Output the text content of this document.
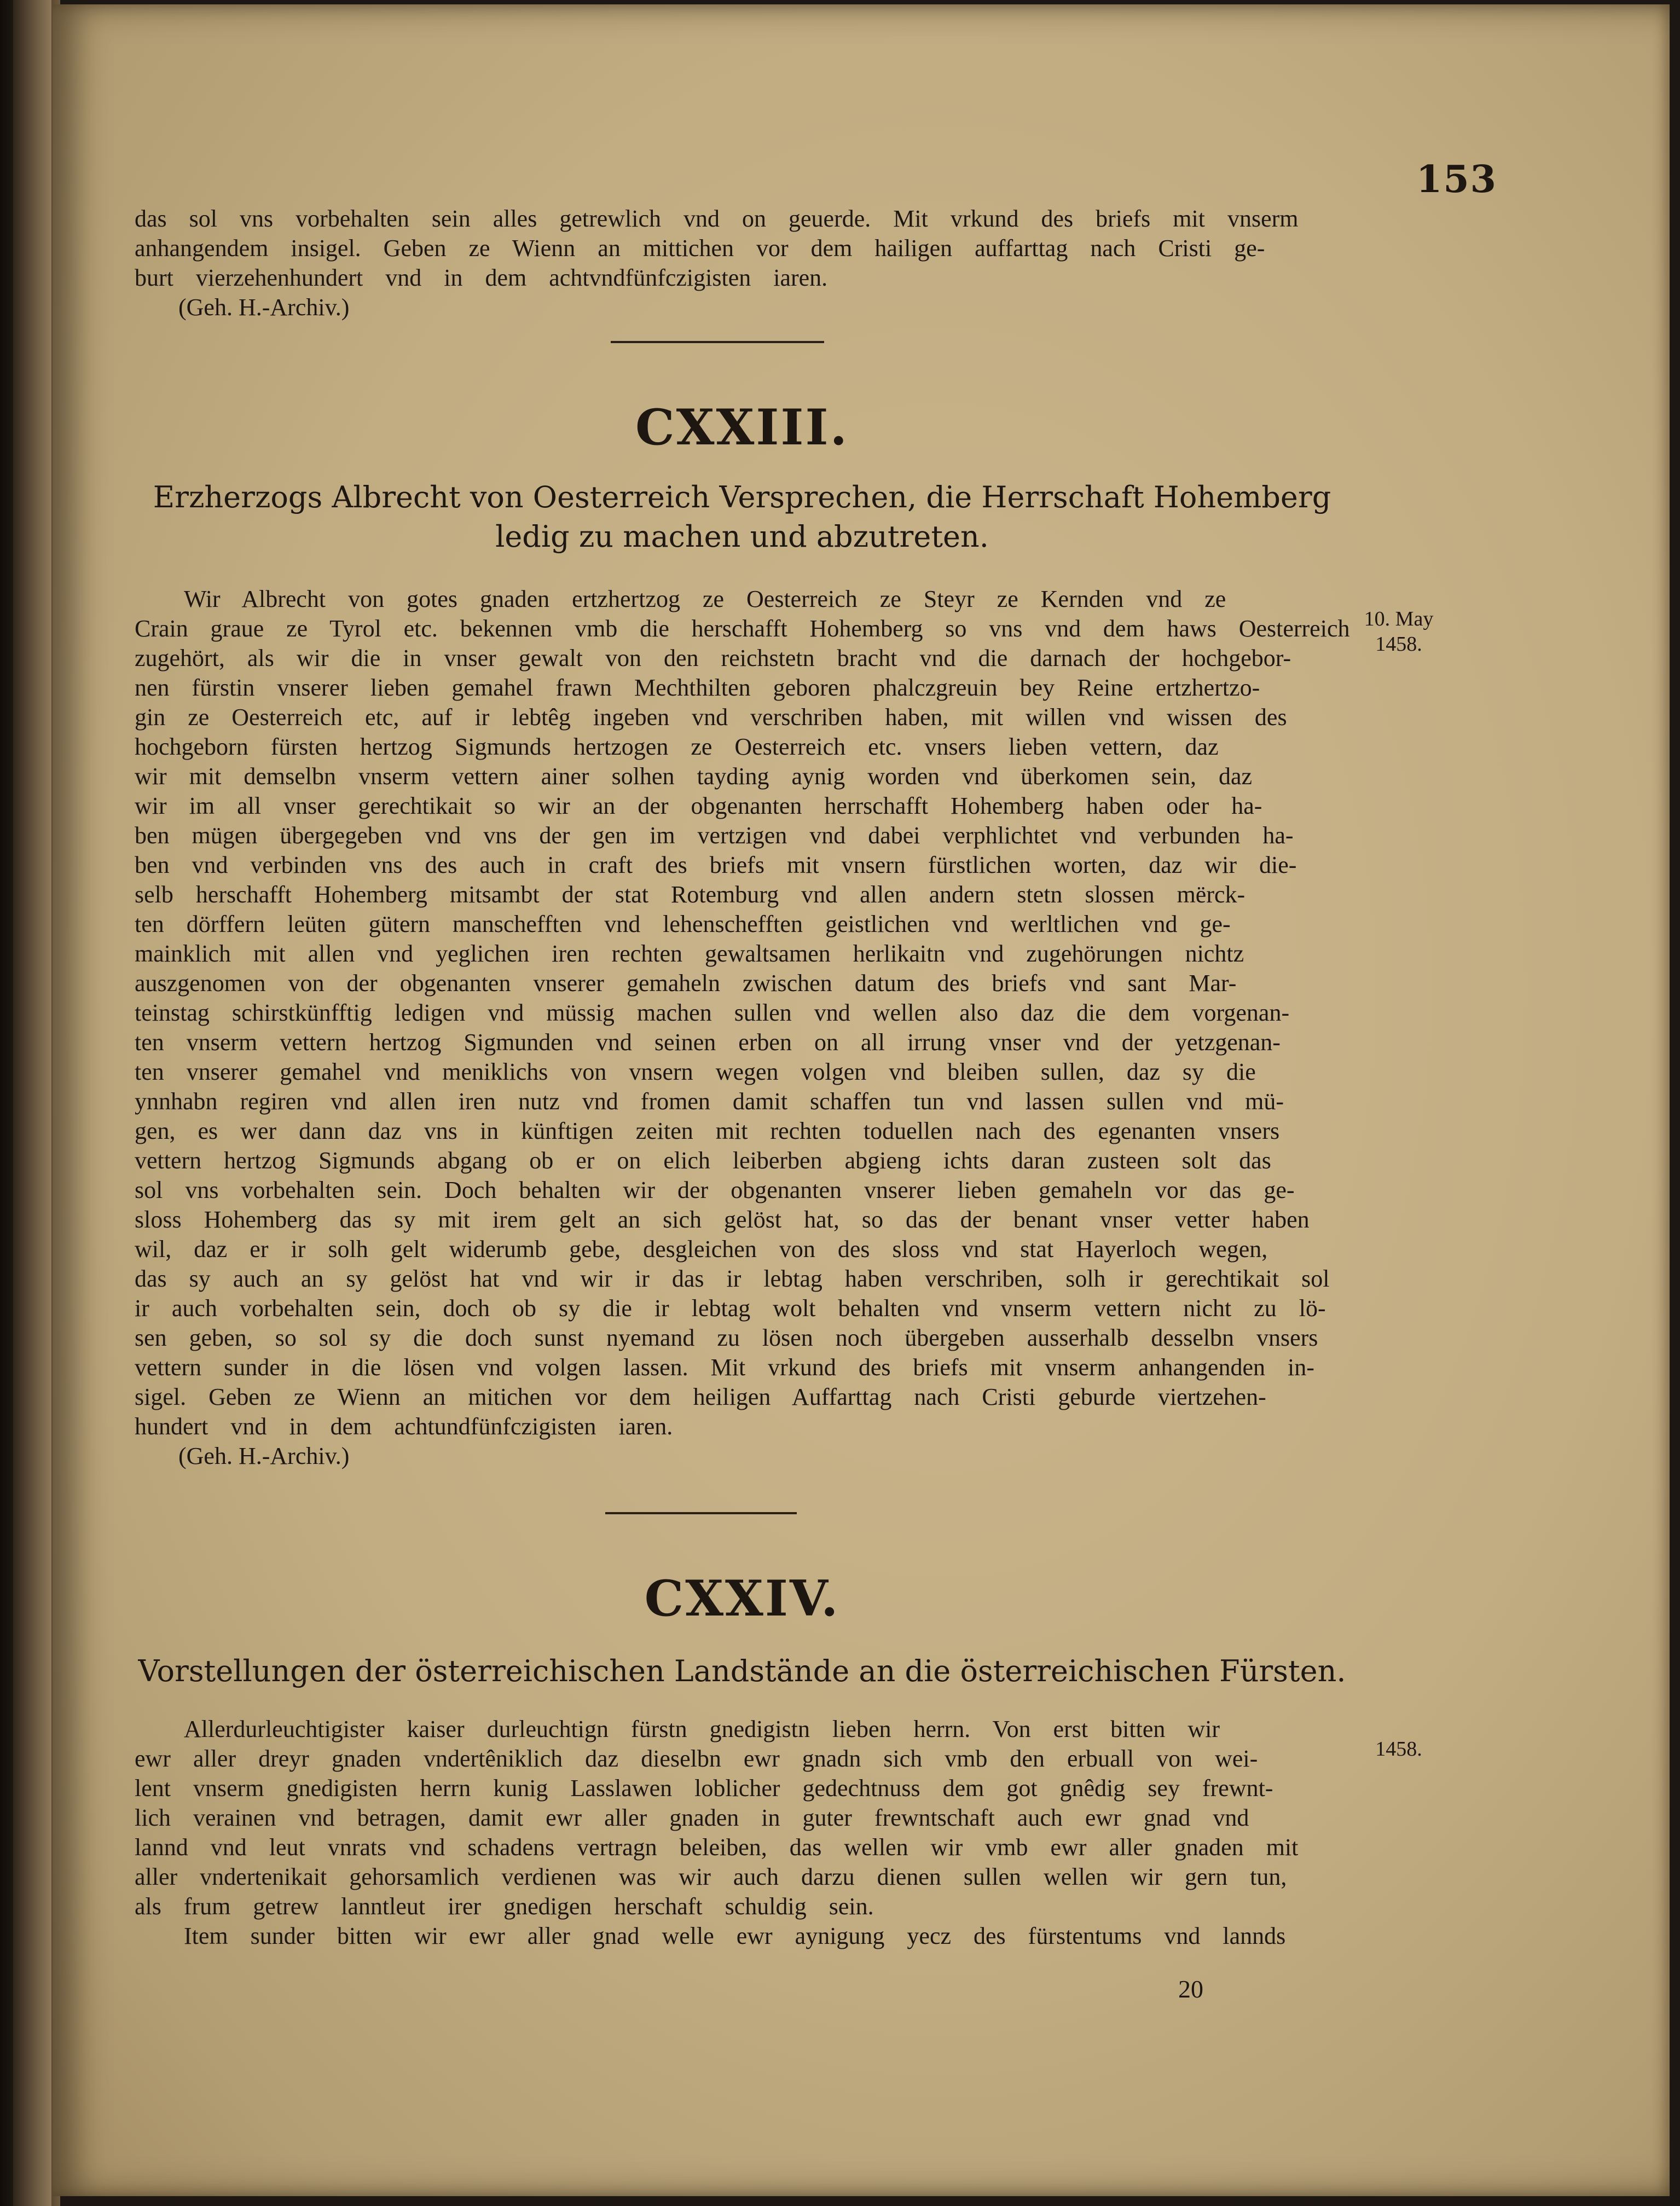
153
das sol vns vorbehalten sein alles getrewlich vnd on geuerde. Mit vrkund des briefs mit vnserm
anhangendem insigel. Geben ze Wienn an mittichen vor dem hailigen auffarttag nach Cristi ge-
burt vierzehenhundert vnd in dem achtvndfünfczigisten iaren.
(Geh. H.-Archiv.)
CXXIII.
Erzherzogs Albrecht von Oesterreich Versprechen, die Herrschaft Hohemberg
ledig zu machen und abzutreten.
10. May
1458.
Wir Albrecht von gotes gnaden ertzhertzog ze Oesterreich ze Steyr ze Kernden vnd ze
Crain graue ze Tyrol etc. bekennen vmb die herschafft Hohemberg so vns vnd dem haws Oesterreich
zugehört, als wir die in vnser gewalt von den reichstetn bracht vnd die darnach der hochgebor-
nen fürstin vnserer lieben gemahel frawn Mechthilten geboren phalczgreuin bey Reine ertzhertzo-
gin ze Oesterreich etc, auf ir lebtêg ingeben vnd verschriben haben, mit willen vnd wissen des
hochgeborn fürsten hertzog Sigmunds hertzogen ze Oesterreich etc. vnsers lieben vettern, daz
wir mit demselbn vnserm vettern ainer solhen tayding aynig worden vnd überkomen sein, daz
wir im all vnser gerechtikait so wir an der obgenanten herrschafft Hohemberg haben oder ha-
ben mügen übergegeben vnd vns der gen im vertzigen vnd dabei verphlichtet vnd verbunden ha-
ben vnd verbinden vns des auch in craft des briefs mit vnsern fürstlichen worten, daz wir die-
selb herschafft Hohemberg mitsambt der stat Rotemburg vnd allen andern stetn slossen mërck-
ten dörffern leüten gütern manschefften vnd lehenschefften geistlichen vnd werltlichen vnd ge-
mainklich mit allen vnd yeglichen iren rechten gewaltsamen herlikaitn vnd zugehörungen nichtz
auszgenomen von der obgenanten vnserer gemaheln zwischen datum des briefs vnd sant Mar-
teinstag schirstkünfftig ledigen vnd müssig machen sullen vnd wellen also daz die dem vorgenan-
ten vnserm vettern hertzog Sigmunden vnd seinen erben on all irrung vnser vnd der yetzgenan-
ten vnserer gemahel vnd meniklichs von vnsern wegen volgen vnd bleiben sullen, daz sy die
ynnhabn regiren vnd allen iren nutz vnd fromen damit schaffen tun vnd lassen sullen vnd mü-
gen, es wer dann daz vns in künftigen zeiten mit rechten toduellen nach des egenanten vnsers
vettern hertzog Sigmunds abgang ob er on elich leiberben abgieng ichts daran zusteen solt das
sol vns vorbehalten sein. Doch behalten wir der obgenanten vnserer lieben gemaheln vor das ge-
sloss Hohemberg das sy mit irem gelt an sich gelöst hat, so das der benant vnser vetter haben
wil, daz er ir solh gelt widerumb gebe, desgleichen von des sloss vnd stat Hayerloch wegen,
das sy auch an sy gelöst hat vnd wir ir das ir lebtag haben verschriben, solh ir gerechtikait sol
ir auch vorbehalten sein, doch ob sy die ir lebtag wolt behalten vnd vnserm vettern nicht zu lö-
sen geben, so sol sy die doch sunst nyemand zu lösen noch übergeben ausserhalb desselbn vnsers
vettern sunder in die lösen vnd volgen lassen. Mit vrkund des briefs mit vnserm anhangenden in-
sigel. Geben ze Wienn an mitichen vor dem heiligen Auffarttag nach Cristi geburde viertzehen-
hundert vnd in dem achtundfünfczigisten iaren.
(Geh. H.-Archiv.)
CXXIV.
Vorstellungen der österreichischen Landstände an die österreichischen Fürsten.
1458.
Allerdurleuchtigister kaiser durleuchtign fürstn gnedigistn lieben herrn. Von erst bitten wir
ewr aller dreyr gnaden vndertêniklich daz dieselbn ewr gnadn sich vmb den erbuall von wei-
lent vnserm gnedigisten herrn kunig Lasslawen loblicher gedechtnuss dem got gnêdig sey frewnt-
lich verainen vnd betragen, damit ewr aller gnaden in guter frewntschaft auch ewr gnad vnd
lannd vnd leut vnrats vnd schadens vertragn beleiben, das wellen wir vmb ewr aller gnaden mit
aller vndertenikait gehorsamlich verdienen was wir auch darzu dienen sullen wellen wir gern tun,
als frum getrew lanntleut irer gnedigen herschaft schuldig sein.
Item sunder bitten wir ewr aller gnad welle ewr aynigung yecz des fürstentums vnd lannds
20
